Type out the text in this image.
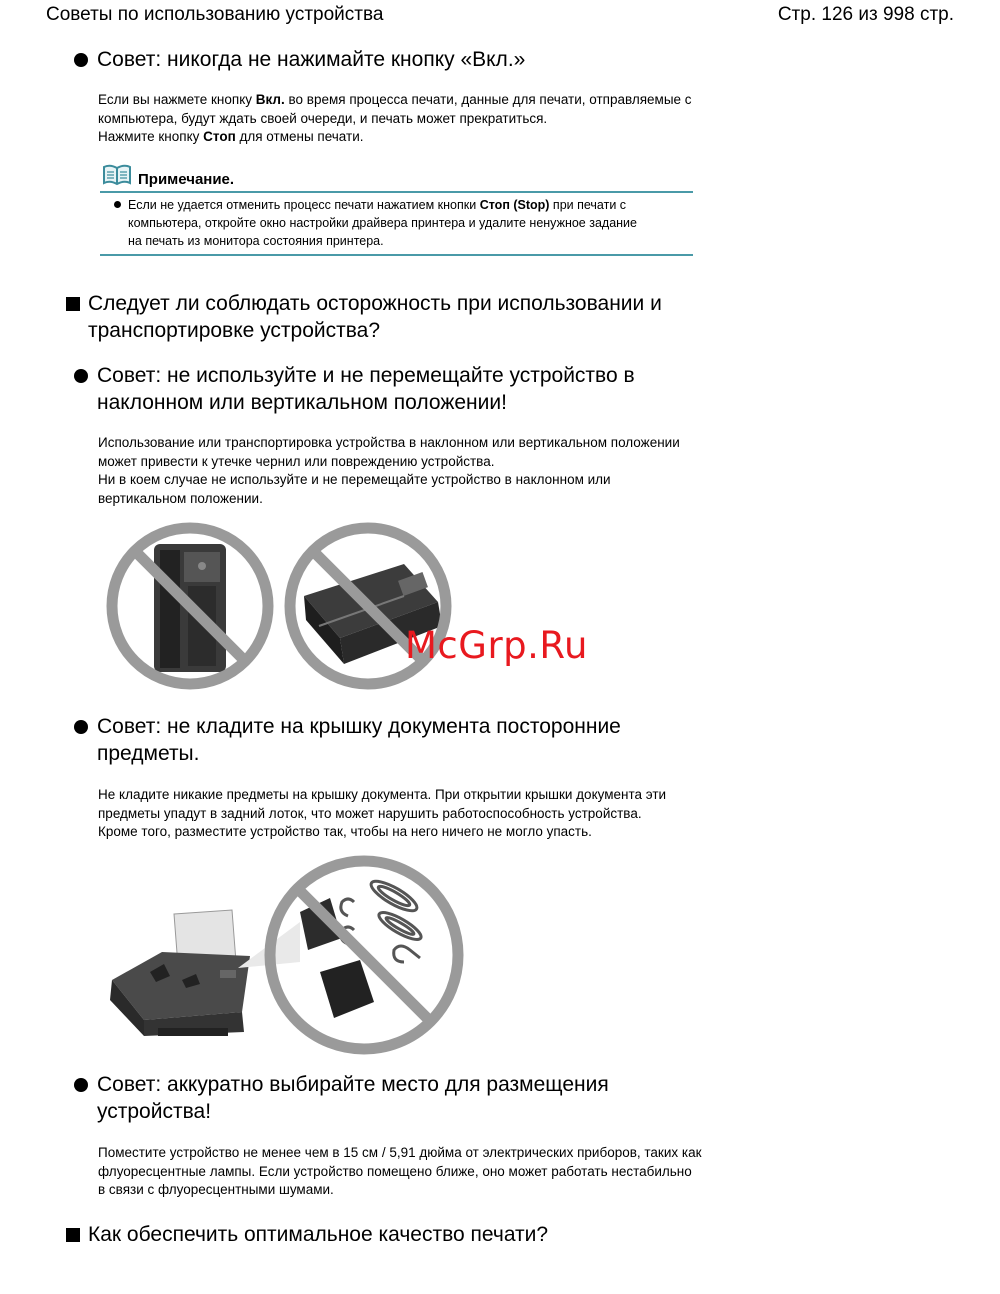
Советы по использованию устройства	Стр. 126 из 998 стр.
Совет: никогда не нажимайте кнопку «Вкл.»

Если вы нажмете кнопку Вкл. во время процесса печати, данные для печати, отправляемые с

компьютера, будут ждать своей очереди, и печать может прекратиться.

Нажмите кнопку Стоп для отмены печати.

Примечание.
Если не удается отменить процесс печати нажатием кнопки Стоп (Stop) при печати с
компьютера, откройте окно настройки драйвера принтера и удалите ненужное задание
на печать из монитора состояния принтера.
Следует ли соблюдать осторожность при использовании и
транспортировке устройства?
Совет: не используйте и не перемещайте устройство в
наклонном или вертикальном положении!

Использование или транспортировка устройства в наклонном или вертикальном положении

может привести к утечке чернил или повреждению устройства.

Ни в коем случае не используйте и не перемещайте устройство в наклонном или

вертикальном положении.

McGrp.Ru
Совет: не кладите на крышку документа посторонние
предметы.

Не кладите никакие предметы на крышку документа. При открытии крышки документа эти

предметы упадут в задний лоток, что может нарушить работоспособность устройства.

Кроме того, разместите устройство так, чтобы на него ничего не могло упасть.

Совет: аккуратно выбирайте место для размещения
устройства!

Поместите устройство не менее чем в 15 см / 5,91 дюйма от электрических приборов, таких как

флуоресцентные лампы. Если устройство помещено ближе, оно может работать нестабильно

в связи с флуоресцентными шумами.

Как обеспечить оптимальное качество печати?
